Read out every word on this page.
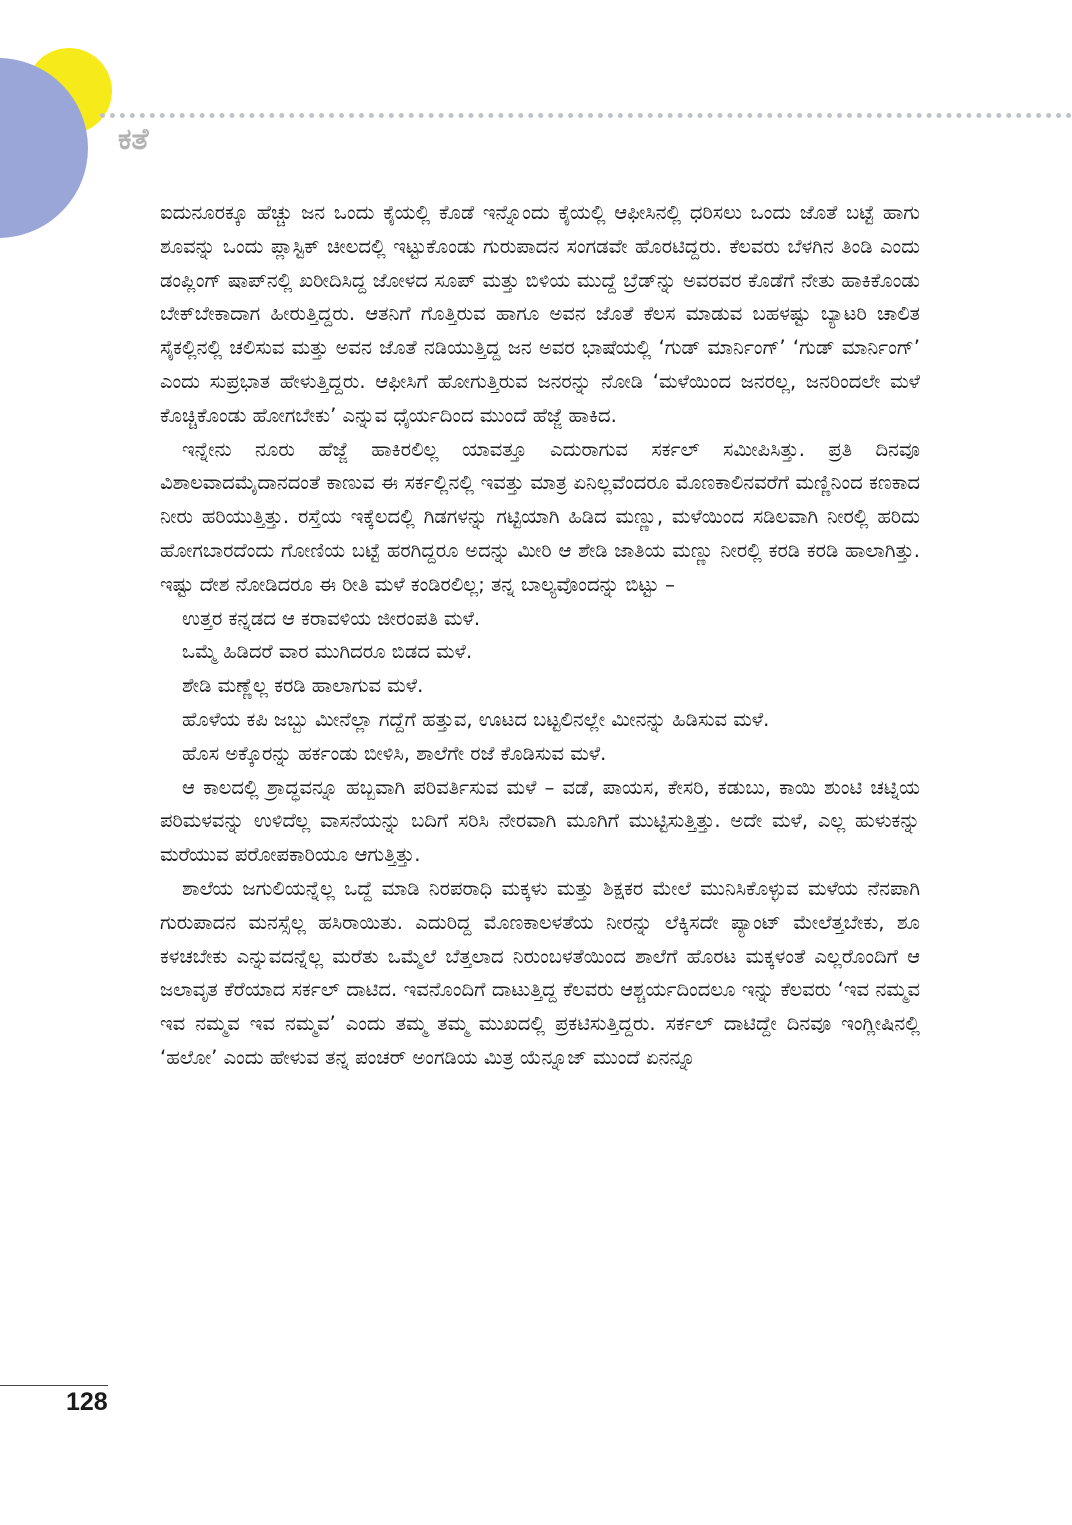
ಕತೆ

ಐದುನೂರಕ್ಕೂ ಹೆಚ್ಚು ಜನ ಒಂದು ಕೈಯಲ್ಲಿ ಕೊಡೆ ಇನ್ನೊಂದು ಕೈಯಲ್ಲಿ ಆಫೀಸಿನಲ್ಲಿ ಧರಿಸಲು ಒಂದು ಜೊತೆ ಬಟ್ಟೆ ಹಾಗು ಶೂವನ್ನು ಒಂದು ಪ್ಲಾಸ್ಟಿಕ್ ಚೀಲದಲ್ಲಿ ಇಟ್ಟುಕೊಂಡು ಗುರುಪಾದನ ಸಂಗಡವೇ ಹೊರಟಿದ್ದರು. ಕೆಲವರು ಬೆಳಗಿನ ತಿಂಡಿ ಎಂದು ಡಂಪ್ಲಿಂಗ್ ಷಾಪ್‌ನಲ್ಲಿ ಖರೀದಿಸಿದ್ದ ಜೋಳದ ಸೂಪ್ ಮತ್ತು ಬಿಳಿಯ ಮುದ್ದೆ ಬ್ರೆಡ್‌ನ್ನು ಅವರವರ ಕೊಡೆಗೆ ನೇತು ಹಾಕಿಕೊಂಡು ಬೇಕ್‌ಬೇಕಾದಾಗ ಹೀರುತ್ತಿದ್ದರು. ಆತನಿಗೆ ಗೊತ್ತಿರುವ ಹಾಗೂ ಅವನ ಜೊತೆ ಕೆಲಸ ಮಾಡುವ ಬಹಳಷ್ಟು ಬ್ಯಾಟರಿ ಚಾಲಿತ ಸೈಕಲ್ಲಿನಲ್ಲಿ ಚಲಿಸುವ ಮತ್ತು ಅವನ ಜೊತೆ ನಡಿಯುತ್ತಿದ್ದ ಜನ ಅವರ ಭಾಷೆಯಲ್ಲಿ ‘ಗುಡ್ ಮಾರ್ನಿಂಗ್’ ‘ಗುಡ್ ಮಾರ್ನಿಂಗ್’ ಎಂದು ಸುಪ್ರಭಾತ ಹೇಳುತ್ತಿದ್ದರು. ಆಫೀಸಿಗೆ ಹೋಗುತ್ತಿರುವ ಜನರನ್ನು ನೋಡಿ ‘ಮಳೆಯಿಂದ ಜನರಲ್ಲ, ಜನರಿಂದಲೇ ಮಳೆ ಕೊಚ್ಚಿಕೊಂಡು ಹೋಗಬೇಕು’ ಎನ್ನುವ ಧೈರ್ಯದಿಂದ ಮುಂದೆ ಹೆಜ್ಜೆ ಹಾಕಿದ.

ಇನ್ನೇನು ನೂರು ಹೆಜ್ಜೆ ಹಾಕಿರಲಿಲ್ಲ ಯಾವತ್ತೂ ಎದುರಾಗುವ ಸರ್ಕಲ್ ಸಮೀಪಿಸಿತ್ತು. ಪ್ರತಿ ದಿನವೂ ವಿಶಾಲವಾದಮೈದಾನದಂತೆ ಕಾಣುವ ಈ ಸರ್ಕಲ್ಲಿನಲ್ಲಿ ಇವತ್ತು ಮಾತ್ರ ಏನಿಲ್ಲವೆಂದರೂ ಮೊಣಕಾಲಿನವರೆಗೆ ಮಣ್ಣಿನಿಂದ ಕಣಕಾದ ನೀರು ಹರಿಯುತ್ತಿತ್ತು. ರಸ್ತೆಯ ಇಕ್ಕೆಲದಲ್ಲಿ ಗಿಡಗಳನ್ನು ಗಟ್ಟಿಯಾಗಿ ಹಿಡಿದ ಮಣ್ಣು, ಮಳೆಯಿಂದ ಸಡಿಲವಾಗಿ ನೀರಲ್ಲಿ ಹರಿದು ಹೋಗಬಾರದೆಂದು ಗೋಣಿಯ ಬಟ್ಟೆ ಹರಗಿದ್ದರೂ ಅದನ್ನು ಮೀರಿ ಆ ಶೇಡಿ ಜಾತಿಯ ಮಣ್ಣು ನೀರಲ್ಲಿ ಕರಡಿ ಕರಡಿ ಹಾಲಾಗಿತ್ತು. ಇಷ್ಟು ದೇಶ ನೋಡಿದರೂ ಈ ರೀತಿ ಮಳೆ ಕಂಡಿರಲಿಲ್ಲ; ತನ್ನ ಬಾಲ್ಯವೊಂದನ್ನು ಬಿಟ್ಟು –

ಉತ್ತರ ಕನ್ನಡದ ಆ ಕರಾವಳಿಯ ಜೀರಂಪತಿ ಮಳೆ.

ಒಮ್ಮೆ ಹಿಡಿದರೆ ವಾರ ಮುಗಿದರೂ ಬಿಡದ ಮಳೆ.

ಶೇಡಿ ಮಣ್ಣೆಲ್ಲ ಕರಡಿ ಹಾಲಾಗುವ ಮಳೆ.

ಹೊಳೆಯ ಕಪಿ ಜಬ್ಬು ಮೀನೆಲ್ಲಾ ಗದ್ದೆಗೆ ಹತ್ತುವ, ಊಟದ ಬಟ್ಟಲಿನಲ್ಲೇ ಮೀನನ್ನು ಹಿಡಿಸುವ ಮಳೆ.

ಹೊಸ ಅಕ್ಕೊರನ್ನು ಹರ್ಕಂಡು ಬೀಳಿಸಿ, ಶಾಲೆಗೇ ರಜೆ ಕೊಡಿಸುವ ಮಳೆ.

ಆ ಕಾಲದಲ್ಲಿ ಶ್ರಾದ್ಧವನ್ನೂ ಹಬ್ಬವಾಗಿ ಪರಿವರ್ತಿಸುವ ಮಳೆ – ವಡೆ, ಪಾಯಸ, ಕೇಸರಿ, ಕಡುಬು, ಕಾಯಿ ಶುಂಟಿ ಚಟ್ನಿಯ ಪರಿಮಳವನ್ನು ಉಳಿದೆಲ್ಲ ವಾಸನೆಯನ್ನು ಬದಿಗೆ ಸರಿಸಿ ನೇರವಾಗಿ ಮೂಗಿಗೆ ಮುಟ್ಟಿಸುತ್ತಿತ್ತು. ಅದೇ ಮಳೆ, ಎಲ್ಲ ಹುಳುಕನ್ನು ಮರೆಯುವ ಪರೋಪಕಾರಿಯೂ ಆಗುತ್ತಿತ್ತು.

ಶಾಲೆಯ ಜಗುಲಿಯನ್ನೆಲ್ಲ ಒದ್ದೆ ಮಾಡಿ ನಿರಪರಾಧಿ ಮಕ್ಕಳು ಮತ್ತು ಶಿಕ್ಷಕರ ಮೇಲೆ ಮುನಿಸಿಕೊಳ್ಳುವ ಮಳೆಯ ನೆನಪಾಗಿ ಗುರುಪಾದನ ಮನಸ್ಸೆಲ್ಲ ಹಸಿರಾಯಿತು. ಎದುರಿದ್ದ ಮೊಣಕಾಲಳತೆಯ ನೀರನ್ನು ಲೆಕ್ಕಿಸದೇ ಪ್ಯಾಂಟ್ ಮೇಲೆತ್ತಬೇಕು, ಶೂ ಕಳಚಬೇಕು ಎನ್ನುವದನ್ನೆಲ್ಲ ಮರೆತು ಒಮ್ಮೆಲೆ ಬೆತ್ತಲಾದ ನಿರುಂಬಳತೆಯಿಂದ ಶಾಲೆಗೆ ಹೊರಟ ಮಕ್ಕಳಂತೆ ಎಲ್ಲರೊಂದಿಗೆ ಆ ಜಲಾವೃತ ಕೆರೆಯಾದ ಸರ್ಕಲ್ ದಾಟಿದ. ಇವನೊಂದಿಗೆ ದಾಟುತ್ತಿದ್ದ ಕೆಲವರು ಆಶ್ಚರ್ಯದಿಂದಲೂ ಇನ್ನು ಕೆಲವರು ‘ಇವ ನಮ್ಮವ ಇವ ನಮ್ಮವ ಇವ ನಮ್ಮವ’ ಎಂದು ತಮ್ಮ ತಮ್ಮ ಮುಖದಲ್ಲಿ ಪ್ರಕಟಿಸುತ್ತಿದ್ದರು. ಸರ್ಕಲ್ ದಾಟಿದ್ದೇ ದಿನವೂ ಇಂಗ್ಲೀಷಿನಲ್ಲಿ ‘ಹಲೋ’ ಎಂದು ಹೇಳುವ ತನ್ನ ಪಂಚರ್ ಅಂಗಡಿಯ ಮಿತ್ರ ಯೆನ್ನೂಜ್ ಮುಂದೆ ಏನನ್ನೂ

128
